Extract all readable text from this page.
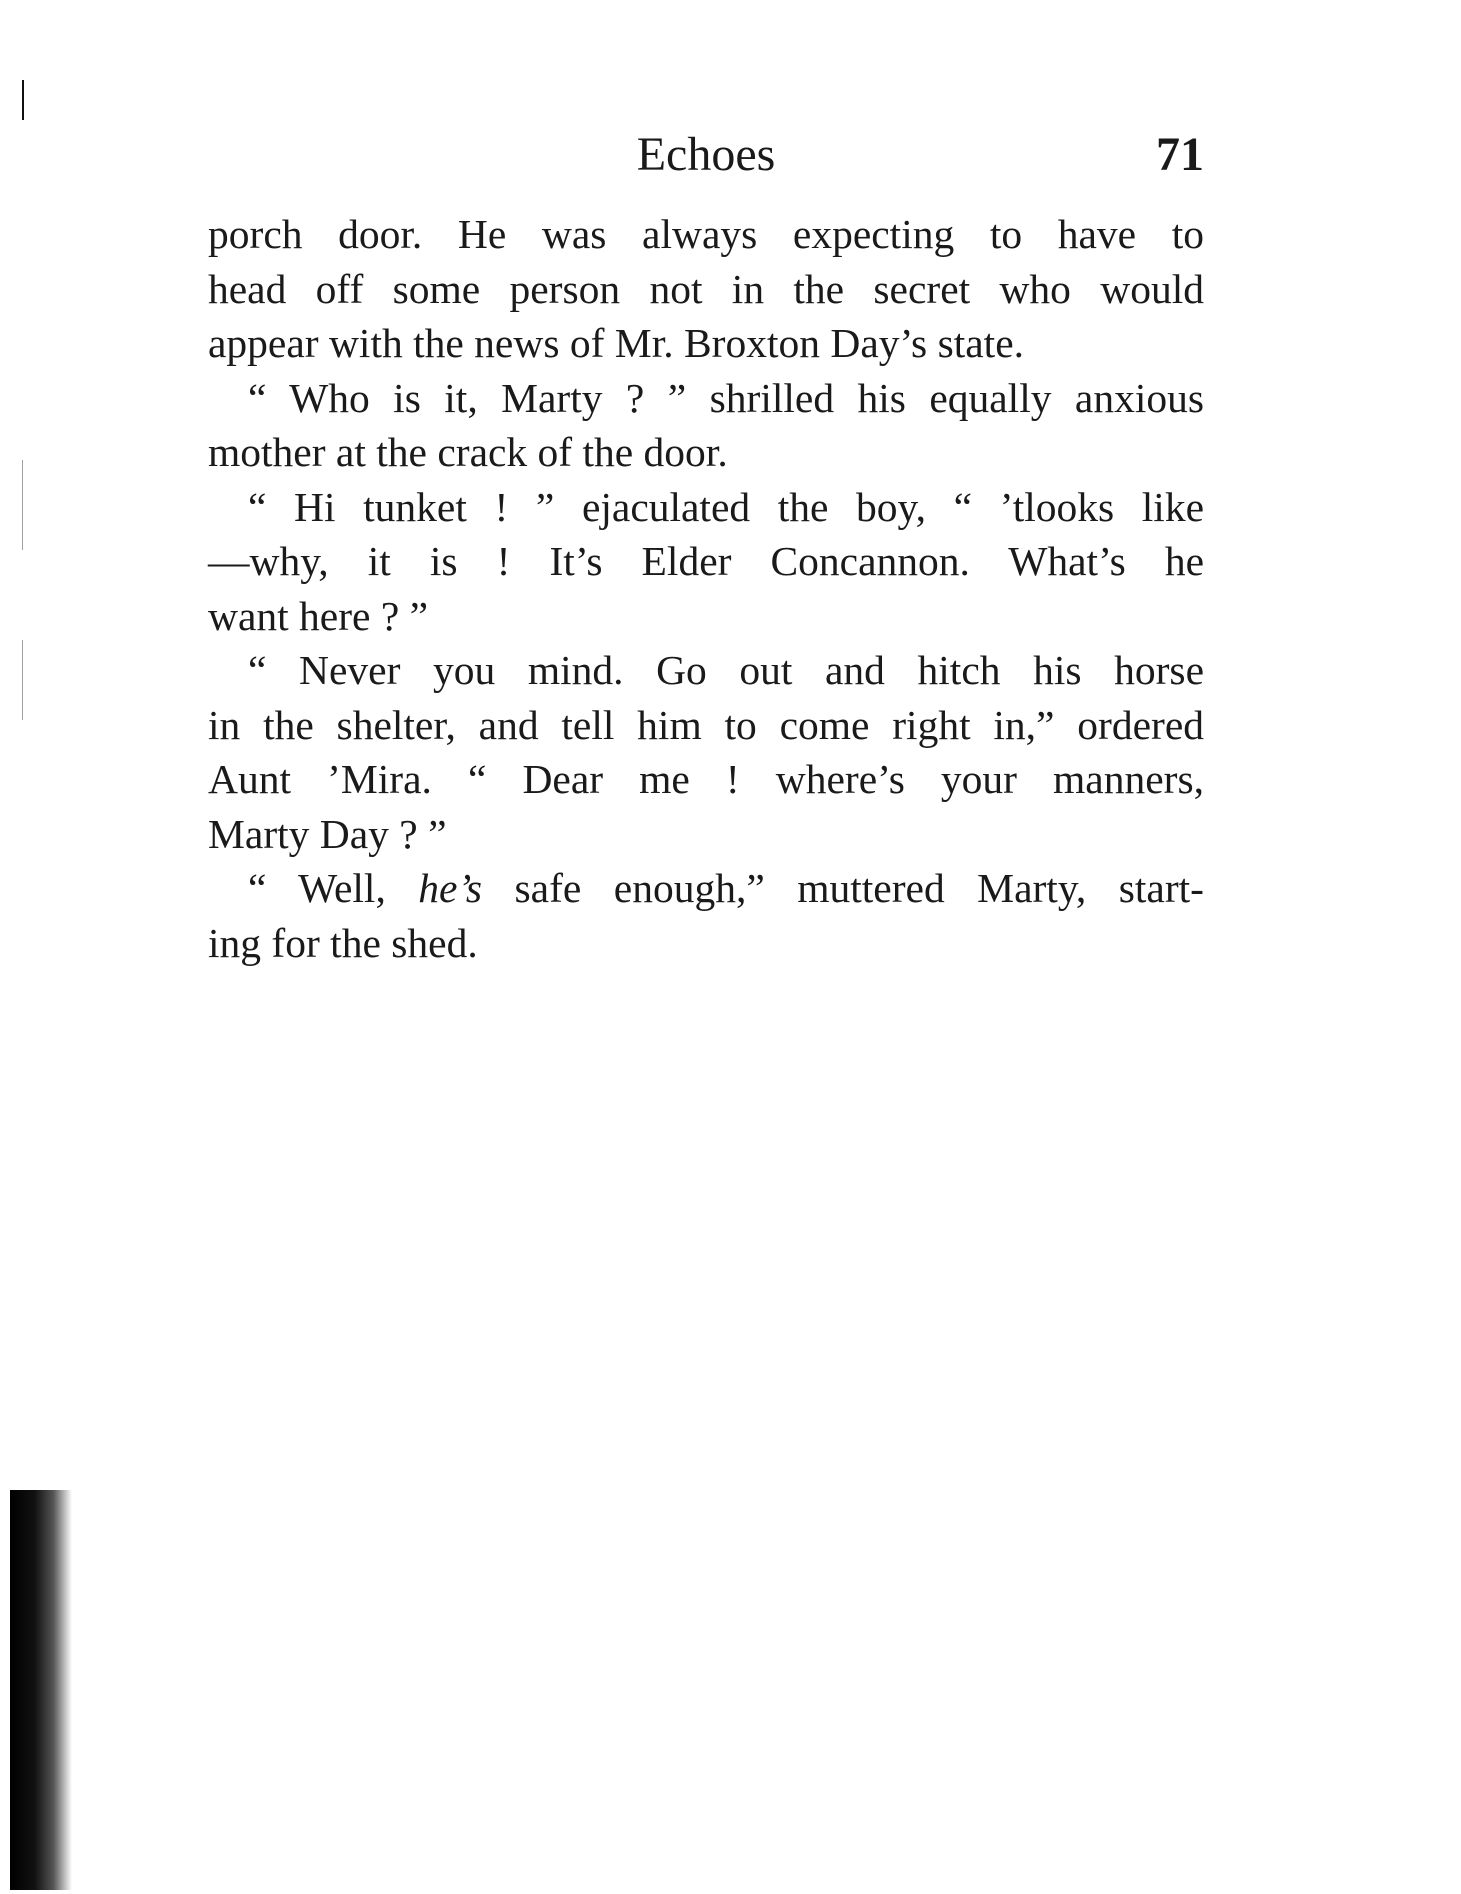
Echoes	71
porch door. He was always expecting to have to
head off some person not in the secret who would
appear with the news of Mr. Broxton Day’s state.
“ Who is it, Marty ? ” shrilled his equally anxious
mother at the crack of the door.
“ Hi tunket ! ” ejaculated the boy, “ ’tlooks like
—why, it is ! It’s Elder Concannon. What’s he
want here ? ”
“ Never you mind. Go out and hitch his horse
in the shelter, and tell him to come right in,” ordered
Aunt ’Mira. “ Dear me ! where’s your manners,
Marty Day ? ”
“ Well, he’s safe enough,” muttered Marty, start-
ing for the shed.
